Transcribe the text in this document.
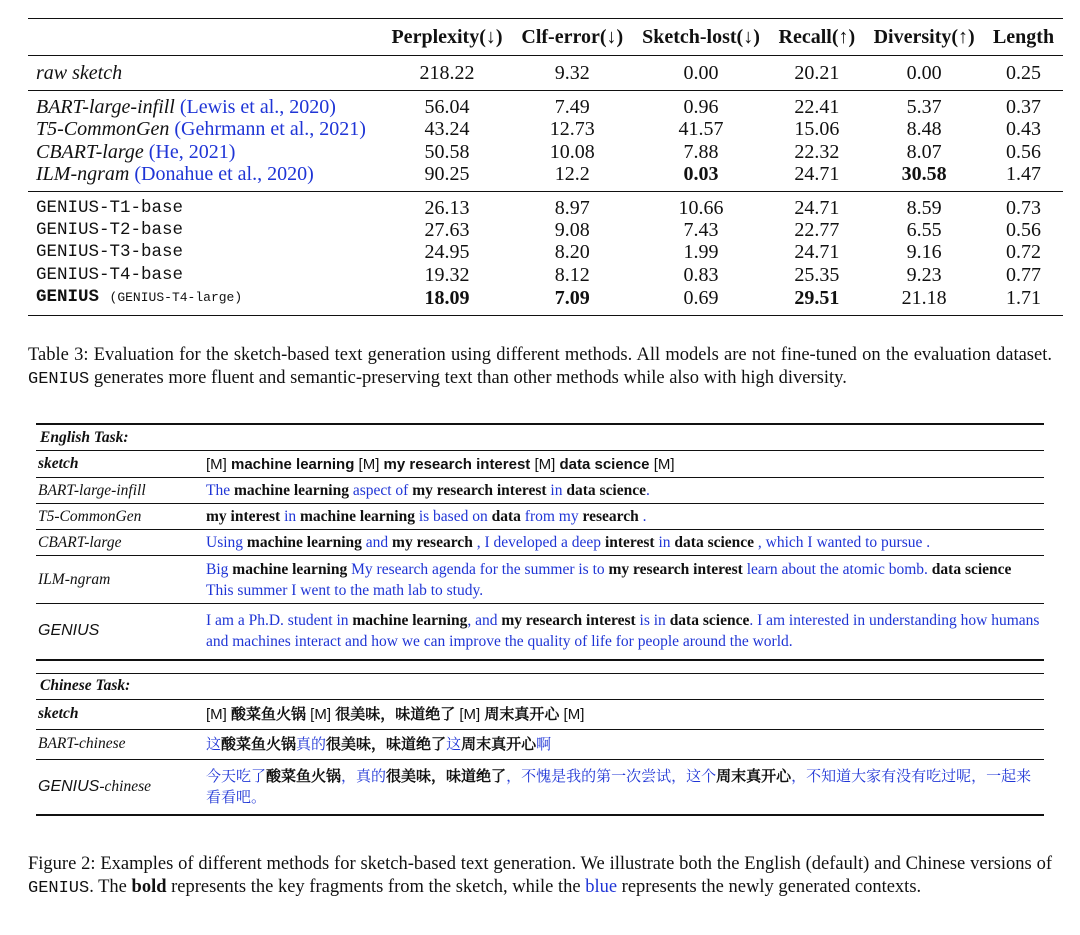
	Perplexity(↓)	Clf-error(↓)	Sketch-lost(↓)	Recall(↑)	Diversity(↑)	Length
raw sketch	218.22	9.32	0.00	20.21	0.00	0.25
BART-large-infill (Lewis et al., 2020)	56.04	7.49	0.96	22.41	5.37	0.37
T5-CommonGen (Gehrmann et al., 2021)	43.24	12.73	41.57	15.06	8.48	0.43
CBART-large (He, 2021)	50.58	10.08	7.88	22.32	8.07	0.56
ILM-ngram (Donahue et al., 2020)	90.25	12.2	0.03	24.71	30.58	1.47
GENIUS-T1-base	26.13	8.97	10.66	24.71	8.59	0.73
GENIUS-T2-base	27.63	9.08	7.43	22.77	6.55	0.56
GENIUS-T3-base	24.95	8.20	1.99	24.71	9.16	0.72
GENIUS-T4-base	19.32	8.12	0.83	25.35	9.23	0.77
GENIUS (GENIUS-T4-large)	18.09	7.09	0.69	29.51	21.18	1.71
Table 3: Evaluation for the sketch-based text generation using different methods. All models are not fine-tuned on the evaluation dataset. GENIUS generates more fluent and semantic-preserving text than other methods while also with high diversity.
English Task:	
sketch	[M] machine learning [M] my research interest [M] data science [M]
BART-large-infill	The machine learning aspect of my research interest in data science.
T5-CommonGen	my interest in machine learning is based on data from my research .
CBART-large	Using machine learning and my research , I developed a deep interest in data science , which I wanted to pursue .
ILM-ngram	Big machine learning My research agenda for the summer is to my research interest learn about the atomic bomb. data science This summer I went to the math lab to study.
GENIUS	I am a Ph.D. student in machine learning, and my research interest is in data science. I am interested in understanding how humans and machines interact and how we can improve the quality of life for people around the world.

Chinese Task:	
sketch	[M] 酸菜鱼火锅 [M] 很美味，味道绝了 [M] 周末真开心 [M]
BART-chinese	这酸菜鱼火锅真的很美味，味道绝了这周末真开心啊
GENIUS-chinese	今天吃了酸菜鱼火锅，真的很美味，味道绝了，不愧是我的第一次尝试，这个周末真开心，不知道大家有没有吃过呢，一起来看看吧。
Figure 2: Examples of different methods for sketch-based text generation. We illustrate both the English (default) and Chinese versions of GENIUS. The bold represents the key fragments from the sketch, while the blue represents the newly generated contexts.
